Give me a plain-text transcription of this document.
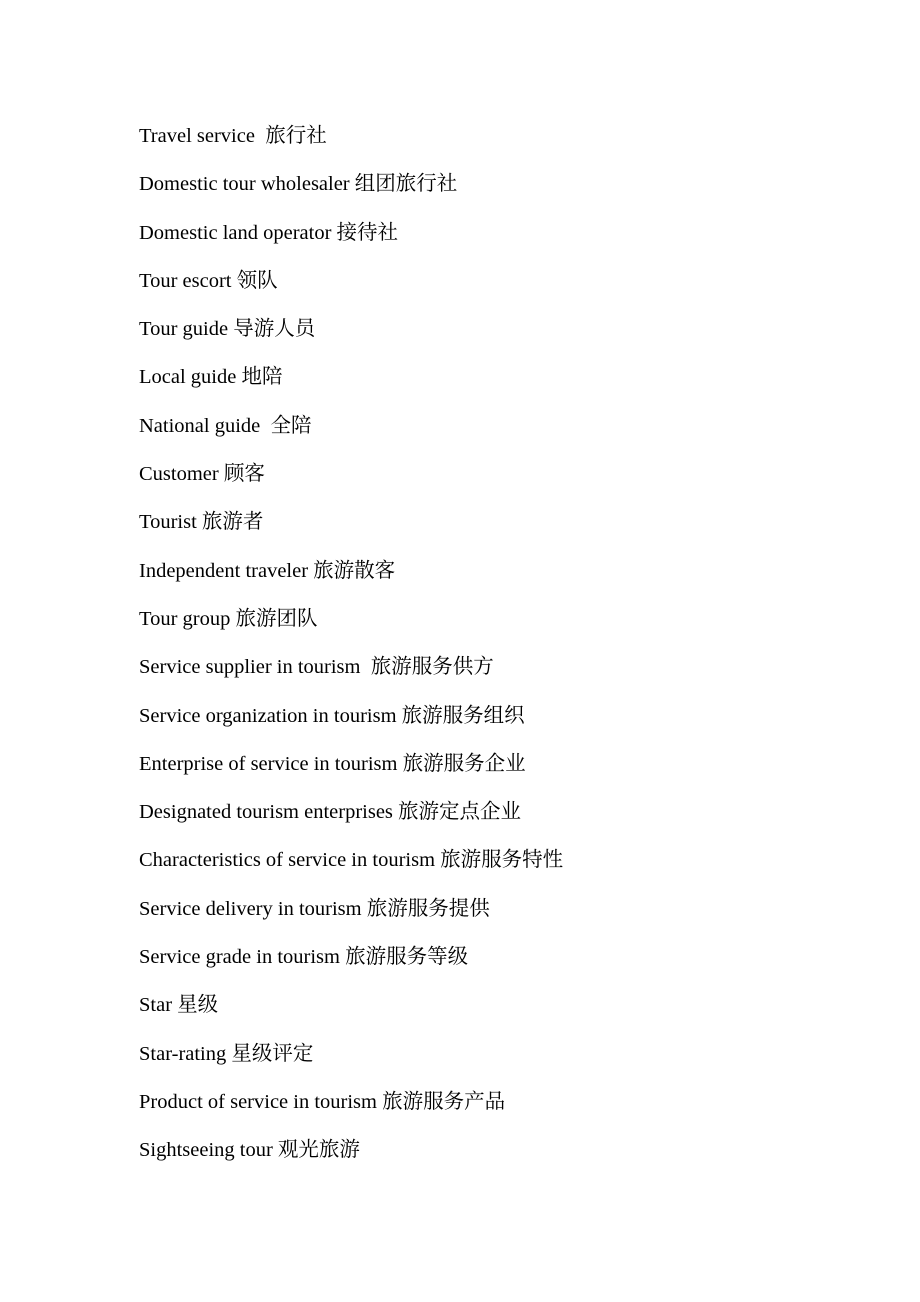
Travel service  旅行社
Domestic tour wholesaler 组团旅行社
Domestic land operator 接待社
Tour escort 领队
Tour guide 导游人员
Local guide 地陪
National guide  全陪
Customer 顾客
Tourist 旅游者
Independent traveler 旅游散客
Tour group 旅游团队
Service supplier in tourism  旅游服务供方
Service organization in tourism 旅游服务组织
Enterprise of service in tourism 旅游服务企业
Designated tourism enterprises 旅游定点企业
Characteristics of service in tourism 旅游服务特性
Service delivery in tourism 旅游服务提供
Service grade in tourism 旅游服务等级
Star 星级
Star-rating 星级评定
Product of service in tourism 旅游服务产品
Sightseeing tour 观光旅游
